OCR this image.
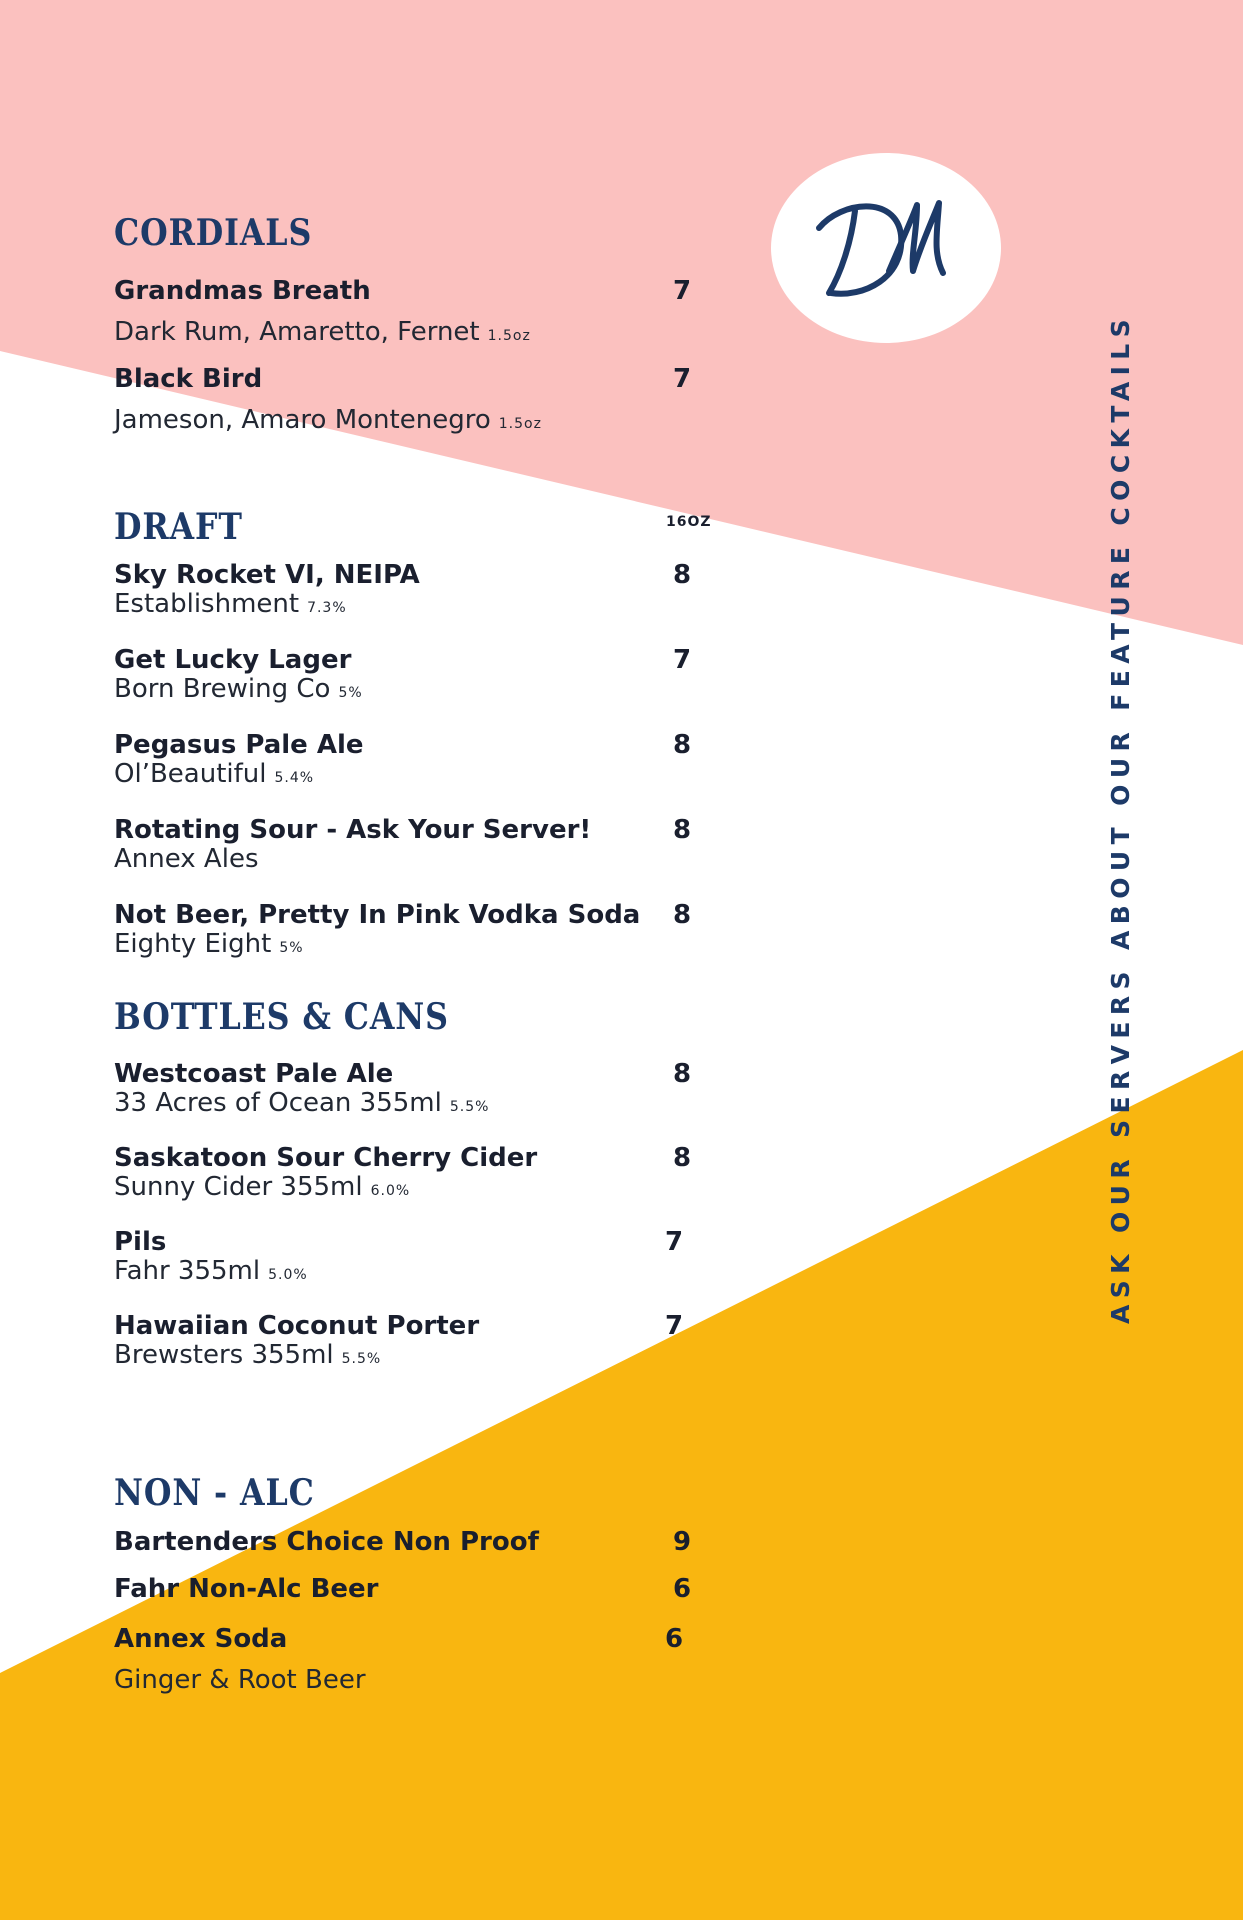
ASK OUR SERVERS ABOUT OUR FEATURE COCKTAILS
CORDIALS
Grandmas Breath	7
Dark Rum, Amaretto, Fernet 1.5oz
Black Bird	7
Jameson, Amaro Montenegro 1.5oz
DRAFT	16OZ
Sky Rocket VI, NEIPA	8
Establishment 7.3%
Get Lucky Lager	7
Born Brewing Co 5%
Pegasus Pale Ale	8
Ol’Beautiful 5.4%
Rotating Sour - Ask Your Server!	8
Annex Ales
Not Beer, Pretty In Pink Vodka Soda	8
Eighty Eight 5%
BOTTLES & CANS
Westcoast Pale Ale	8
33 Acres of Ocean 355ml 5.5%
Saskatoon Sour Cherry Cider	8
Sunny Cider 355ml 6.0%
Pils	7
Fahr 355ml 5.0%
Hawaiian Coconut Porter	7
Brewsters 355ml 5.5%
NON - ALC
Bartenders Choice Non Proof	9
Fahr Non-Alc Beer	6
Annex Soda	6
Ginger & Root Beer
